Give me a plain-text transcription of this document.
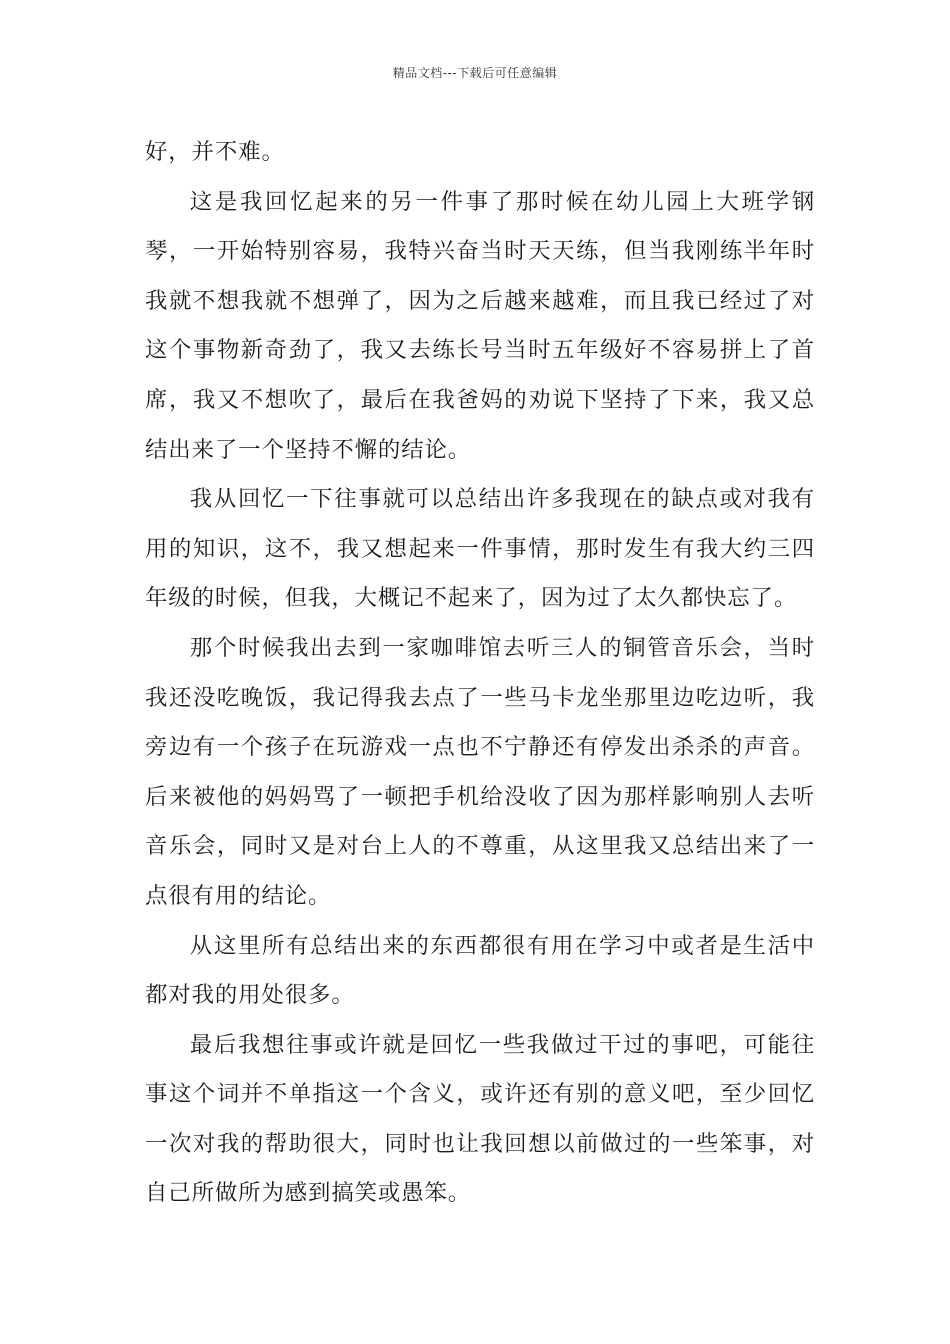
精品文档---下载后可任意编辑

好，并不难。

这是我回忆起来的另一件事了那时候在幼儿园上大班学钢琴，一开始特别容易，我特兴奋当时天天练，但当我刚练半年时我就不想我就不想弹了，因为之后越来越难，而且我已经过了对这个事物新奇劲了，我又去练长号当时五年级好不容易拼上了首席，我又不想吹了，最后在我爸妈的劝说下坚持了下来，我又总结出来了一个坚持不懈的结论。

我从回忆一下往事就可以总结出许多我现在的缺点或对我有用的知识，这不，我又想起来一件事情，那时发生有我大约三四年级的时候，但我，大概记不起来了，因为过了太久都快忘了。

那个时候我出去到一家咖啡馆去听三人的铜管音乐会，当时我还没吃晚饭，我记得我去点了一些马卡龙坐那里边吃边听，我旁边有一个孩子在玩游戏一点也不宁静还有停发出杀杀的声音。后来被他的妈妈骂了一顿把手机给没收了因为那样影响别人去听音乐会，同时又是对台上人的不尊重，从这里我又总结出来了一点很有用的结论。

从这里所有总结出来的东西都很有用在学习中或者是生活中都对我的用处很多。

最后我想往事或许就是回忆一些我做过干过的事吧，可能往事这个词并不单指这一个含义，或许还有别的意义吧，至少回忆一次对我的帮助很大，同时也让我回想以前做过的一些笨事，对自己所做所为感到搞笑或愚笨。
